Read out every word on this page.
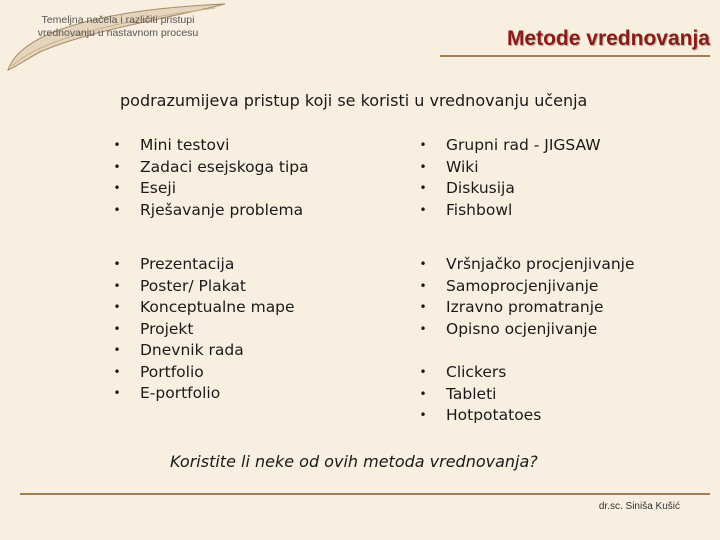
Temeljna načela i različiti pristupi
vrednovanju u nastavnom procesu	Metode vrednovanja
podrazumijeva pristup koji se koristi u vrednovanju učenja
• Mini testovi
• Zadaci esejskoga tipa
• Eseji
• Rješavanje problema
• Prezentacija
• Poster/ Plakat
• Konceptualne mape
• Projekt
• Dnevnik rada
• Portfolio
• E-portfolio
• Grupni rad - JIGSAW
• Wiki
• Diskusija
• Fishbowl
• Vršnjačko procjenjivanje
• Samoprocjenjivanje
• Izravno promatranje
• Opisno ocjenjivanje
• Clickers
• Tableti
• Hotpotatoes
Koristite li neke od ovih metoda vrednovanja?
dr.sc. Siniša Kušić
